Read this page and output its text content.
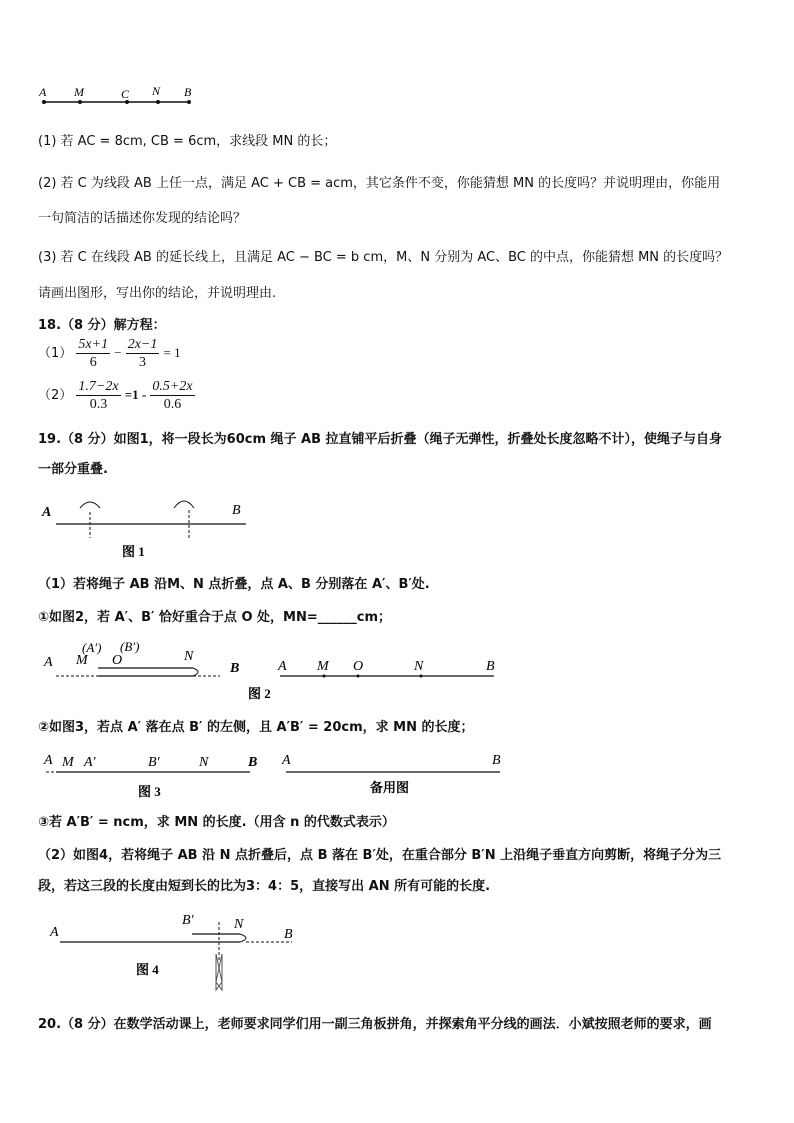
A M	C N B
(1) 若 AC = 8cm, CB = 6cm，求线段 MN 的长；
(2) 若 C 为线段 AB 上任一点，满足 AC + CB = acm，其它条件不变，你能猜想 MN 的长度吗？并说明理由，你能用
一句简洁的话描述你发现的结论吗？
(3) 若 C 在线段 AB 的延长线上，且满足 AC − BC = b cm，M、N 分别为 AC、BC 的中点，你能猜想 MN 的长度吗？
请画出图形，写出你的结论，并说明理由.
18.（8 分）解方程：
$(1) \frac{5x+1}{6} - \frac{2x-1}{3} = 1$
$(2) \frac{1.7-2x}{0.3} =1 - \frac{0.5+2x}{0.6}$
19.（8 分）如图1，将一段长为60cm 绳子 AB 拉直铺平后折叠（绳子无弹性，折叠处长度忽略不计），使绳子与自身
一部分重叠.
A	B
图 1
（1）若将绳子 AB 沿M、N 点折叠，点 A、B 分别落在 A′、B′处.
①如图2，若 A′、B′ 恰好重合于点 O 处，MN=______cm；
A
(A′)
M
(B′)
O	N
B	A M O	N	B
图 2
②如图3，若点 A′ 落在点 B′ 的左侧，且 A′B′ = 20cm，求 MN 的长度；
A M A′	B′	N	B
图 3
A	B
备用图
③若 A′B′ = ncm，求 MN 的长度.（用含 n 的代数式表示）
（2）如图4，若将绳子 AB 沿 N 点折叠后，点 B 落在 B′处，在重合部分 B′N 上沿绳子垂直方向剪断，将绳子分为三
段，若这三段的长度由短到长的比为3：4：5，直接写出 AN 所有可能的长度.
A
B′	N
B
图 4
20.（8 分）在数学活动课上，老师要求同学们用一副三角板拼角，并探索角平分线的画法．小斌按照老师的要求，画
